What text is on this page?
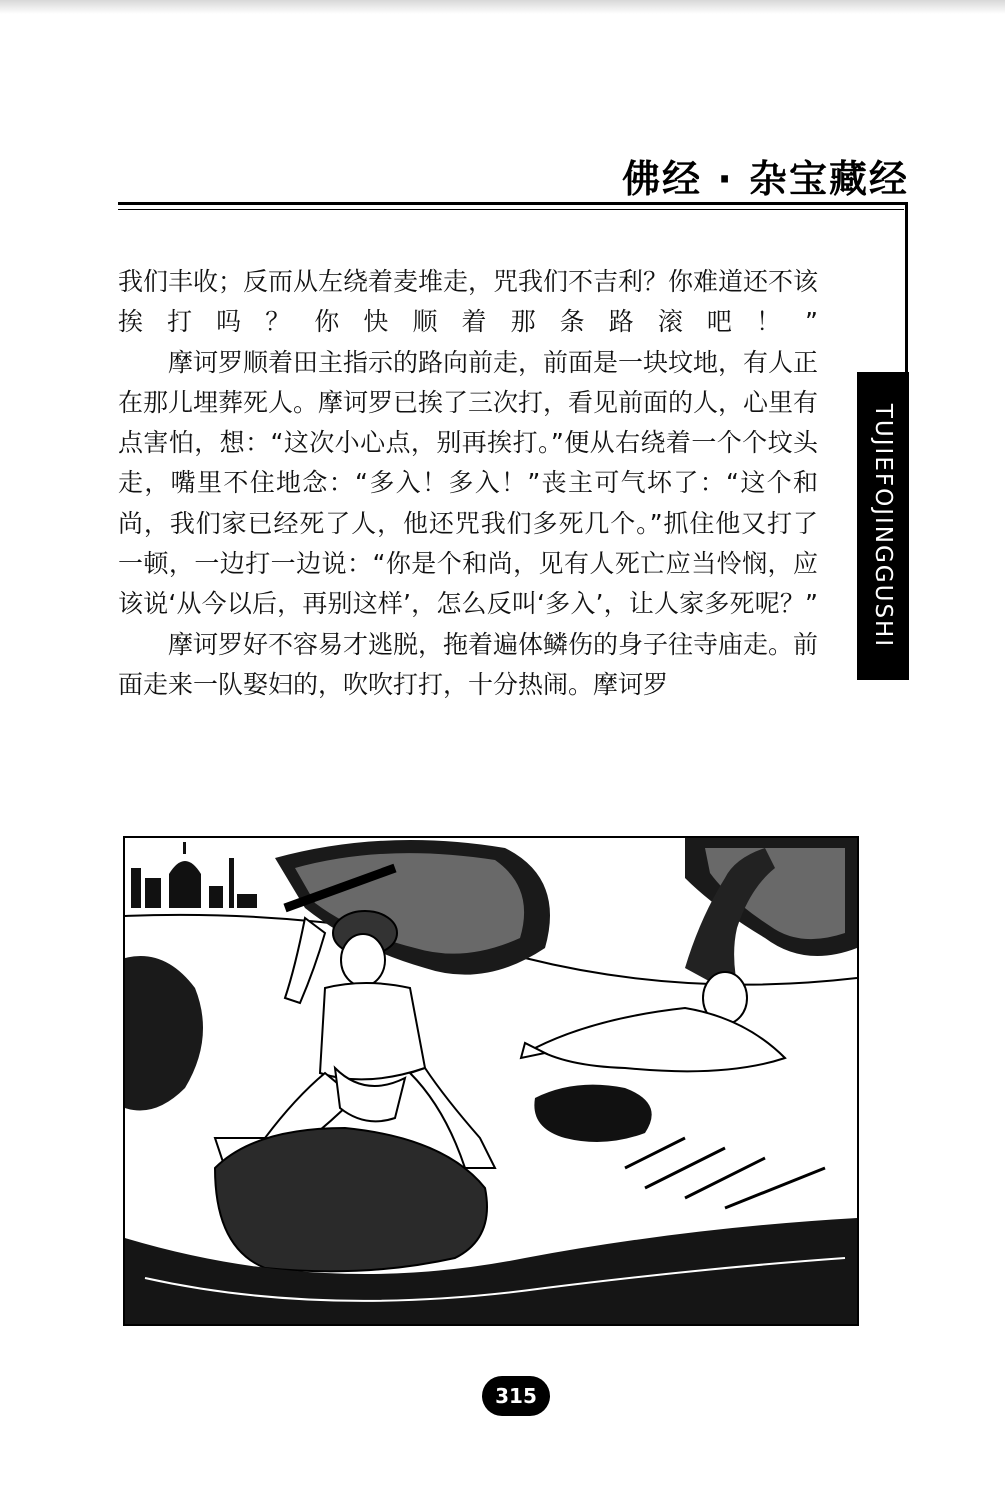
佛经 · 杂宝藏经
TUJIEFOJINGGUSHI

我们丰收；反而从左绕着麦堆走，咒我们不吉利？你难道还不该挨打吗？你快顺着那条路滚吧！”

摩诃罗顺着田主指示的路向前走，前面是一块坟地，有人正在那儿埋葬死人。摩诃罗已挨了三次打，看见前面的人，心里有点害怕，想：“这次小心点，别再挨打。”便从右绕着一个个坟头走，嘴里不住地念：“多入！多入！”丧主可气坏了：“这个和尚，我们家已经死了人，他还咒我们多死几个。”抓住他又打了一顿，一边打一边说：“你是个和尚，见有人死亡应当怜悯，应该说‘从今以后，再别这样’，怎么反叫‘多入’，让人家多死呢？”

摩诃罗好不容易才逃脱，拖着遍体鳞伤的身子往寺庙走。前面走来一队娶妇的，吹吹打打，十分热闹。摩诃罗

315
